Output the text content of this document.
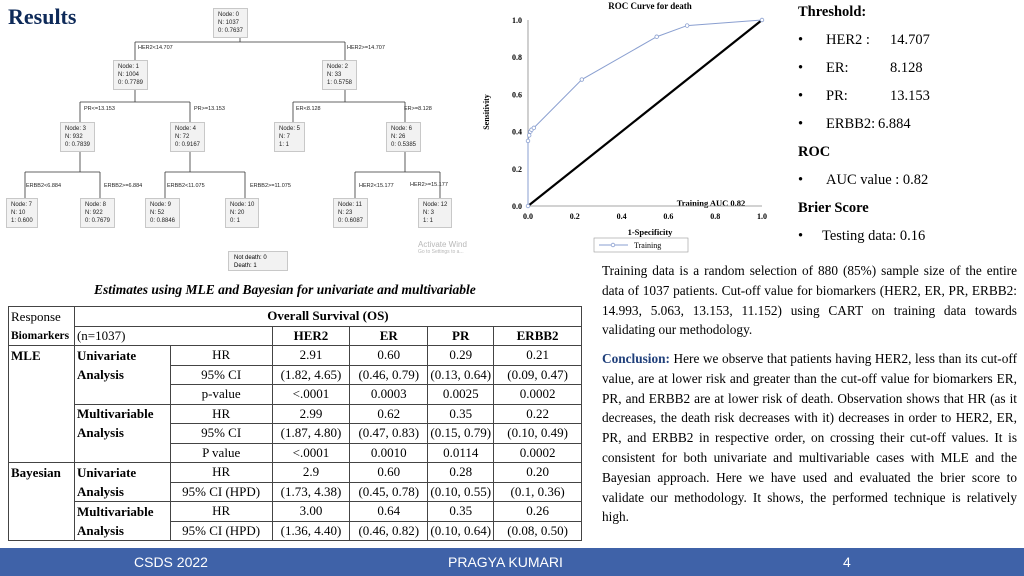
Results	Node: 0
N: 1037
0: 0.7637
Node: 1
N: 1004
0: 0.7789
Node: 2
N: 33
1: 0.5758
Node: 3
N: 932
0: 0.7839
Node: 4
N: 72
0: 0.9167
Node: 5
N: 7
1: 1
Node: 6
N: 26
0: 0.5385
Node: 7
N: 10
1: 0.600
Node: 8
N: 922
0: 0.7679
Node: 9
N: 52
0: 0.8846
Node: 10
N: 20
0: 1
Node: 11
N: 23
0: 0.6087
Node: 12
N: 3
1: 1
HER2<14.707	HER2>=14.707
PR<=13.153	PR>=13.153	ER<8.128	ER>=8.128
ERBB2<6.884	ERBB2>=6.884	ERBB2<11.075	ERBB2>=11.075	HER2<15.177	HER2>=15.177
Not death: 0
Death: 1
Activate Wind
Go to Settings to a...
ROC Curve for death
Sensitivity
1-Specificity
Training AUC 0.82
0.0	0.2	0.4	0.6	0.8	1.0
0.0
0.2
0.4
0.6
0.8
1.0
Training
Threshold:
•	HER2 :	14.707
•	ER:	8.128
•	PR:	13.153
•	ERBB2: 6.884
ROC
•	AUC value : 0.82
Brier Score
•	Testing data: 0.16
Training data is a random selection of 880 (85%) sample size of the entire data of 1037 patients. Cut-off value for biomarkers (HER2, ER, PR, ERBB2: 14.993, 5.063, 13.153, 11.152) using CART on training data towards validating our methodology.
Conclusion: Here we observe that patients having HER2, less than its cut-off value, are at lower risk and greater than the cut-off value for biomarkers ER, PR, and ERBB2 are at lower risk of death. Observation shows that HR (as it decreases, the death risk decreases with it) decreases in order to HER2, ER, PR, and ERBB2 in respective order, on crossing their cut-off values. It is consistent for both univariate and multivariable cases with MLE and the Bayesian approach. Here we have used and evaluated the brier score to validate our methodology. It shows, the performed technique is relatively high.
Estimates using MLE and Bayesian for univariate and multivariable
Response	Overall Survival (OS)					
Biomarkers	(n=1037)		HER2	ER	PR	ERBB2
MLE	Univariate	HR	2.91	0.60	0.29	0.21
	Analysis	95% CI	(1.82, 4.65)	(0.46, 0.79)	(0.13, 0.64)	(0.09, 0.47)
		p-value	<.0001	0.0003	0.0025	0.0002
	Multivariable	HR	2.99	0.62	0.35	0.22
	Analysis	95% CI	(1.87, 4.80)	(0.47, 0.83)	(0.15, 0.79)	(0.10, 0.49)
		P value	<.0001	0.0010	0.0114	0.0002
Bayesian	Univariate	HR	2.9	0.60	0.28	0.20
	Analysis	95% CI (HPD)	(1.73, 4.38)	(0.45, 0.78)	(0.10, 0.55)	(0.1, 0.36)
	Multivariable	HR	3.00	0.64	0.35	0.26
	Analysis	95% CI (HPD)	(1.36, 4.40)	(0.46, 0.82)	(0.10, 0.64)	(0.08, 0.50)
CSDS 2022	PRAGYA KUMARI	4
